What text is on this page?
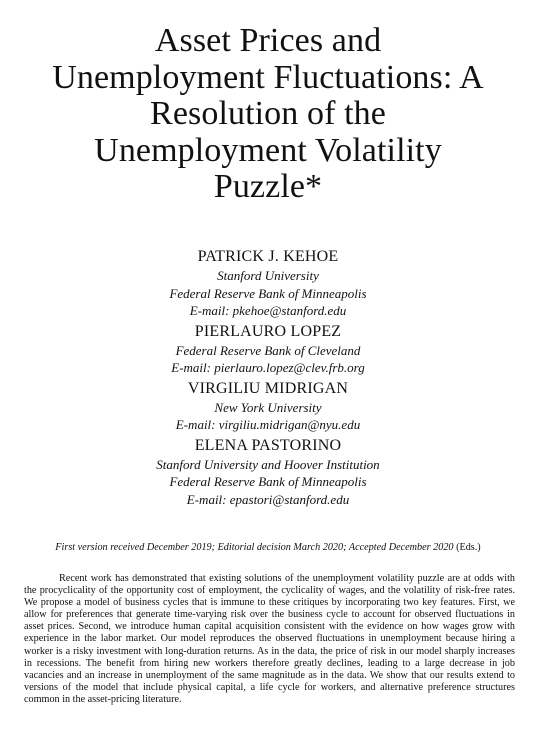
Asset Prices and
Unemployment Fluctuations: A
Resolution of the
Unemployment Volatility
Puzzle*
PATRICK J. KEHOE
Stanford University
Federal Reserve Bank of Minneapolis
E-mail: pkehoe@stanford.edu
PIERLAURO LOPEZ
Federal Reserve Bank of Cleveland
E-mail: pierlauro.lopez@clev.frb.org
VIRGILIU MIDRIGAN
New York University
E-mail: virgiliu.midrigan@nyu.edu
ELENA PASTORINO
Stanford University and Hoover Institution
Federal Reserve Bank of Minneapolis
E-mail: epastori@stanford.edu
First version received December 2019; Editorial decision March 2020; Accepted December 2020 (Eds.)

Recent work has demonstrated that existing solutions of the unemployment volatility puzzle are at odds with the procyclicality of the opportunity cost of employment, the cyclicality of wages, and the volatility of risk-free rates. We propose a model of business cycles that is immune to these critiques by incorporating two key features. First, we allow for preferences that generate time-varying risk over the business cycle to account for observed fluctuations in asset prices. Second, we introduce human capital acquisition consistent with the evidence on how wages grow with experience in the labor market. Our model reproduces the observed fluctuations in unemployment because hiring a worker is a risky investment with long-duration returns. As in the data, the price of risk in our model sharply increases in recessions. The benefit from hiring new workers therefore greatly declines, leading to a large decrease in job vacancies and an increase in unemployment of the same magnitude as in the data. We show that our results extend to versions of the model that include physical capital, a life cycle for workers, and alternative preference structures common in the asset-pricing literature.
